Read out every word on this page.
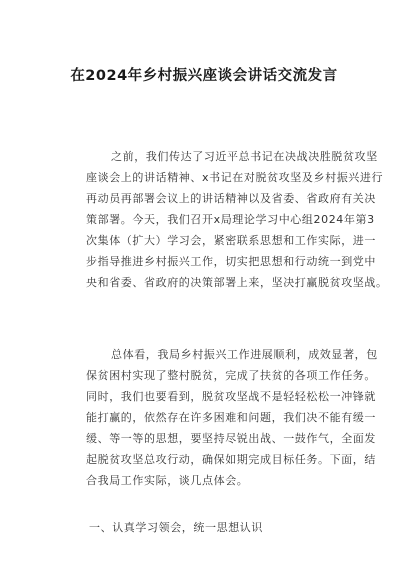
在2024年乡村振兴座谈会讲话交流发言
之前，我们传达了习近平总书记在决战决胜脱贫攻坚
座谈会上的讲话精神、x书记在对脱贫攻坚及乡村振兴进行
再动员再部署会议上的讲话精神以及省委、省政府有关决
策部署。今天，我们召开x局理论学习中心组2024年第3
次集体（扩大）学习会，紧密联系思想和工作实际，进一
步指导推进乡村振兴工作，切实把思想和行动统一到党中
央和省委、省政府的决策部署上来，坚决打赢脱贫攻坚战。
总体看，我局乡村振兴工作进展顺利，成效显著，包
保贫困村实现了整村脱贫，完成了扶贫的各项工作任务。
同时，我们也要看到，脱贫攻坚战不是轻轻松松一冲锋就
能打赢的，依然存在许多困难和问题，我们决不能有缓一
缓、等一等的思想，要坚持尽锐出战、一鼓作气，全面发
起脱贫攻坚总攻行动，确保如期完成目标任务。下面，结
合我局工作实际，谈几点体会。
一、认真学习领会，统一思想认识
